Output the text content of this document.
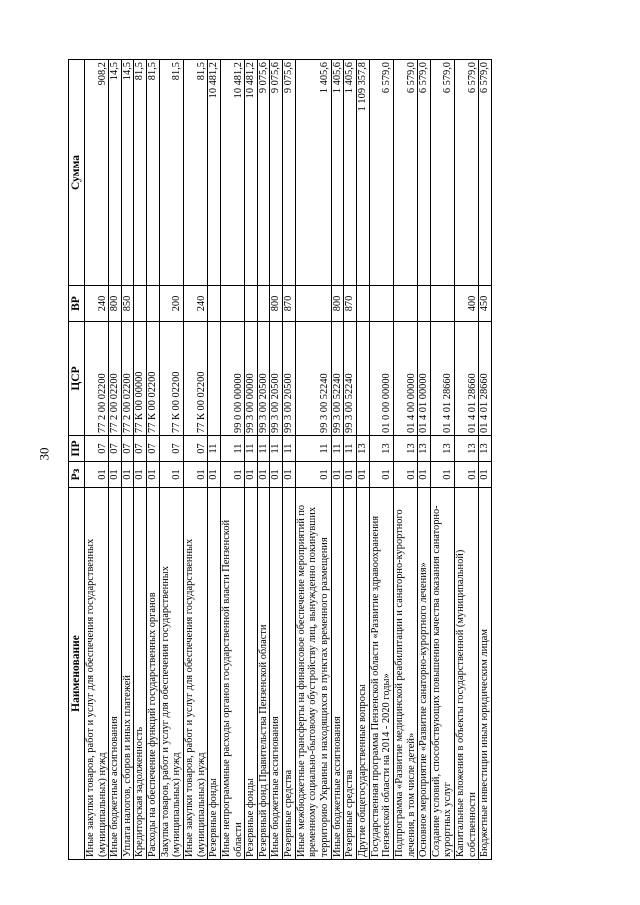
30
Наименование	Рз	ПР	ЦСР	ВР	Сумма
Иные закупки товаров, работ и услуг для обеспечения государственных (муниципальных) нужд	01	07	77 2 00 02200	240	908,2
Иные бюджетные ассигнования	01	07	77 2 00 02200	800	14,5
Уплата налогов, сборов и иных платежей	01	07	77 2 00 02200	850	14,5
Кредиторская задолженность	01	07	77 К 00 00000		81,5
Расходы на обеспечение функций государственных органов	01	07	77 К 00 02200		81,5
Закупка товаров, работ и услуг для обеспечения государственных (муниципальных) нужд	01	07	77 К 00 02200	200	81,5
Иные закупки товаров, работ и услуг для обеспечения государственных (муниципальных) нужд	01	07	77 К 00 02200	240	81,5
Резервные фонды	01	11			10 481,2
Иные непрограммные расходы органов государственной власти Пензенской области	01	11	99 0 00 00000		10 481,2
Резервные фонды	01	11	99 3 00 00000		10 481,2
Резервный фонд Правительства Пензенской области	01	11	99 3 00 20500		9 075,6
Иные бюджетные ассигнования	01	11	99 3 00 20500	800	9 075,6
Резервные средства	01	11	99 3 00 20500	870	9 075,6
Иные межбюджетные трансферты на финансовое обеспечение мероприятий по временному социально-бытовому обустройству лиц, вынужденно покинувших территорию Украины и находящихся в пунктах временного размещения	01	11	99 3 00 52240		1 405,6
Иные бюджетные ассигнования	01	11	99 3 00 52240	800	1 405,6
Резервные средства	01	11	99 3 00 52240	870	1 405,6
Другие общегосударственные вопросы	01	13			1 109 357,8
Государственная программа Пензенской области «Развитие здравоохранения Пензенской области на 2014 - 2020 годы»	01	13	01 0 00 00000		6 579,0
Подпрограмма «Развитие медицинской реабилитации и санаторно-курортного лечения, в том числе детей»	01	13	01 4 00 00000		6 579,0
Основное мероприятие «Развитие санаторно-курортного лечения»	01	13	01 4 01 00000		6 579,0
Создание условий, способствующих повышению качества оказания санаторно-курортных услуг	01	13	01 4 01 28660		6 579,0
Капитальные вложения в объекты государственной (муниципальной) собственности	01	13	01 4 01 28660	400	6 579,0
Бюджетные инвестиции иным юридическим лицам	01	13	01 4 01 28660	450	6 579,0
